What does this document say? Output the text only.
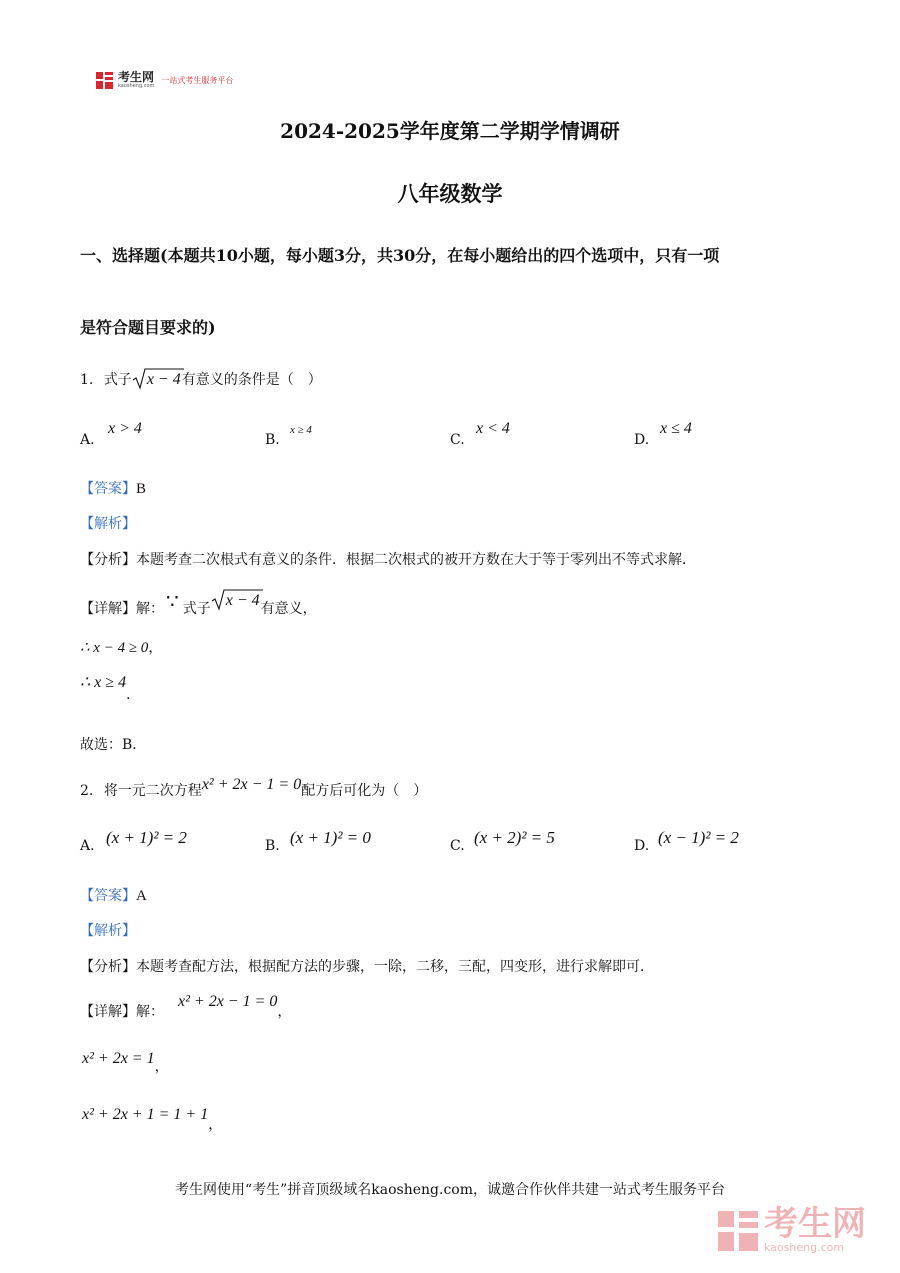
考生网
kaosheng.com
一站式考生服务平台
2024-2025学年度第二学期学情调研
八年级数学
一、选择题(本题共10小题，每小题3分，共30分，在每小题给出的四个选项中，只有一项
是符合题目要求的)
1. 式子 x − 4有意义的条件是（　）
A.
x > 4
B.
x ≥ 4
C.
x < 4
D.
x ≤ 4
【答案】B
【解析】
【分析】本题考查二次根式有意义的条件．根据二次根式的被开方数在大于等于零列出不等式求解．
【详解】解： ∵ 式子 x − 4有意义，
∴ x − 4 ≥ 0，
∴ x ≥ 4．
故选：B．
2. 将一元二次方程x² + 2x − 1 = 0配方后可化为（　）
A. (x + 1)² = 2	B. (x + 1)² = 0	C. (x + 2)² = 5	D. (x − 1)² = 2
【答案】A
【解析】
【分析】本题考查配方法，根据配方法的步骤，一除，二移，三配，四变形，进行求解即可．
【详解】解：x² + 2x − 1 = 0，
x² + 2x = 1，
x² + 2x + 1 = 1 + 1，
考生网使用“考生”拼音顶级域名kaosheng.com，诚邀合作伙伴共建一站式考生服务平台
考生网
kaosheng.com
